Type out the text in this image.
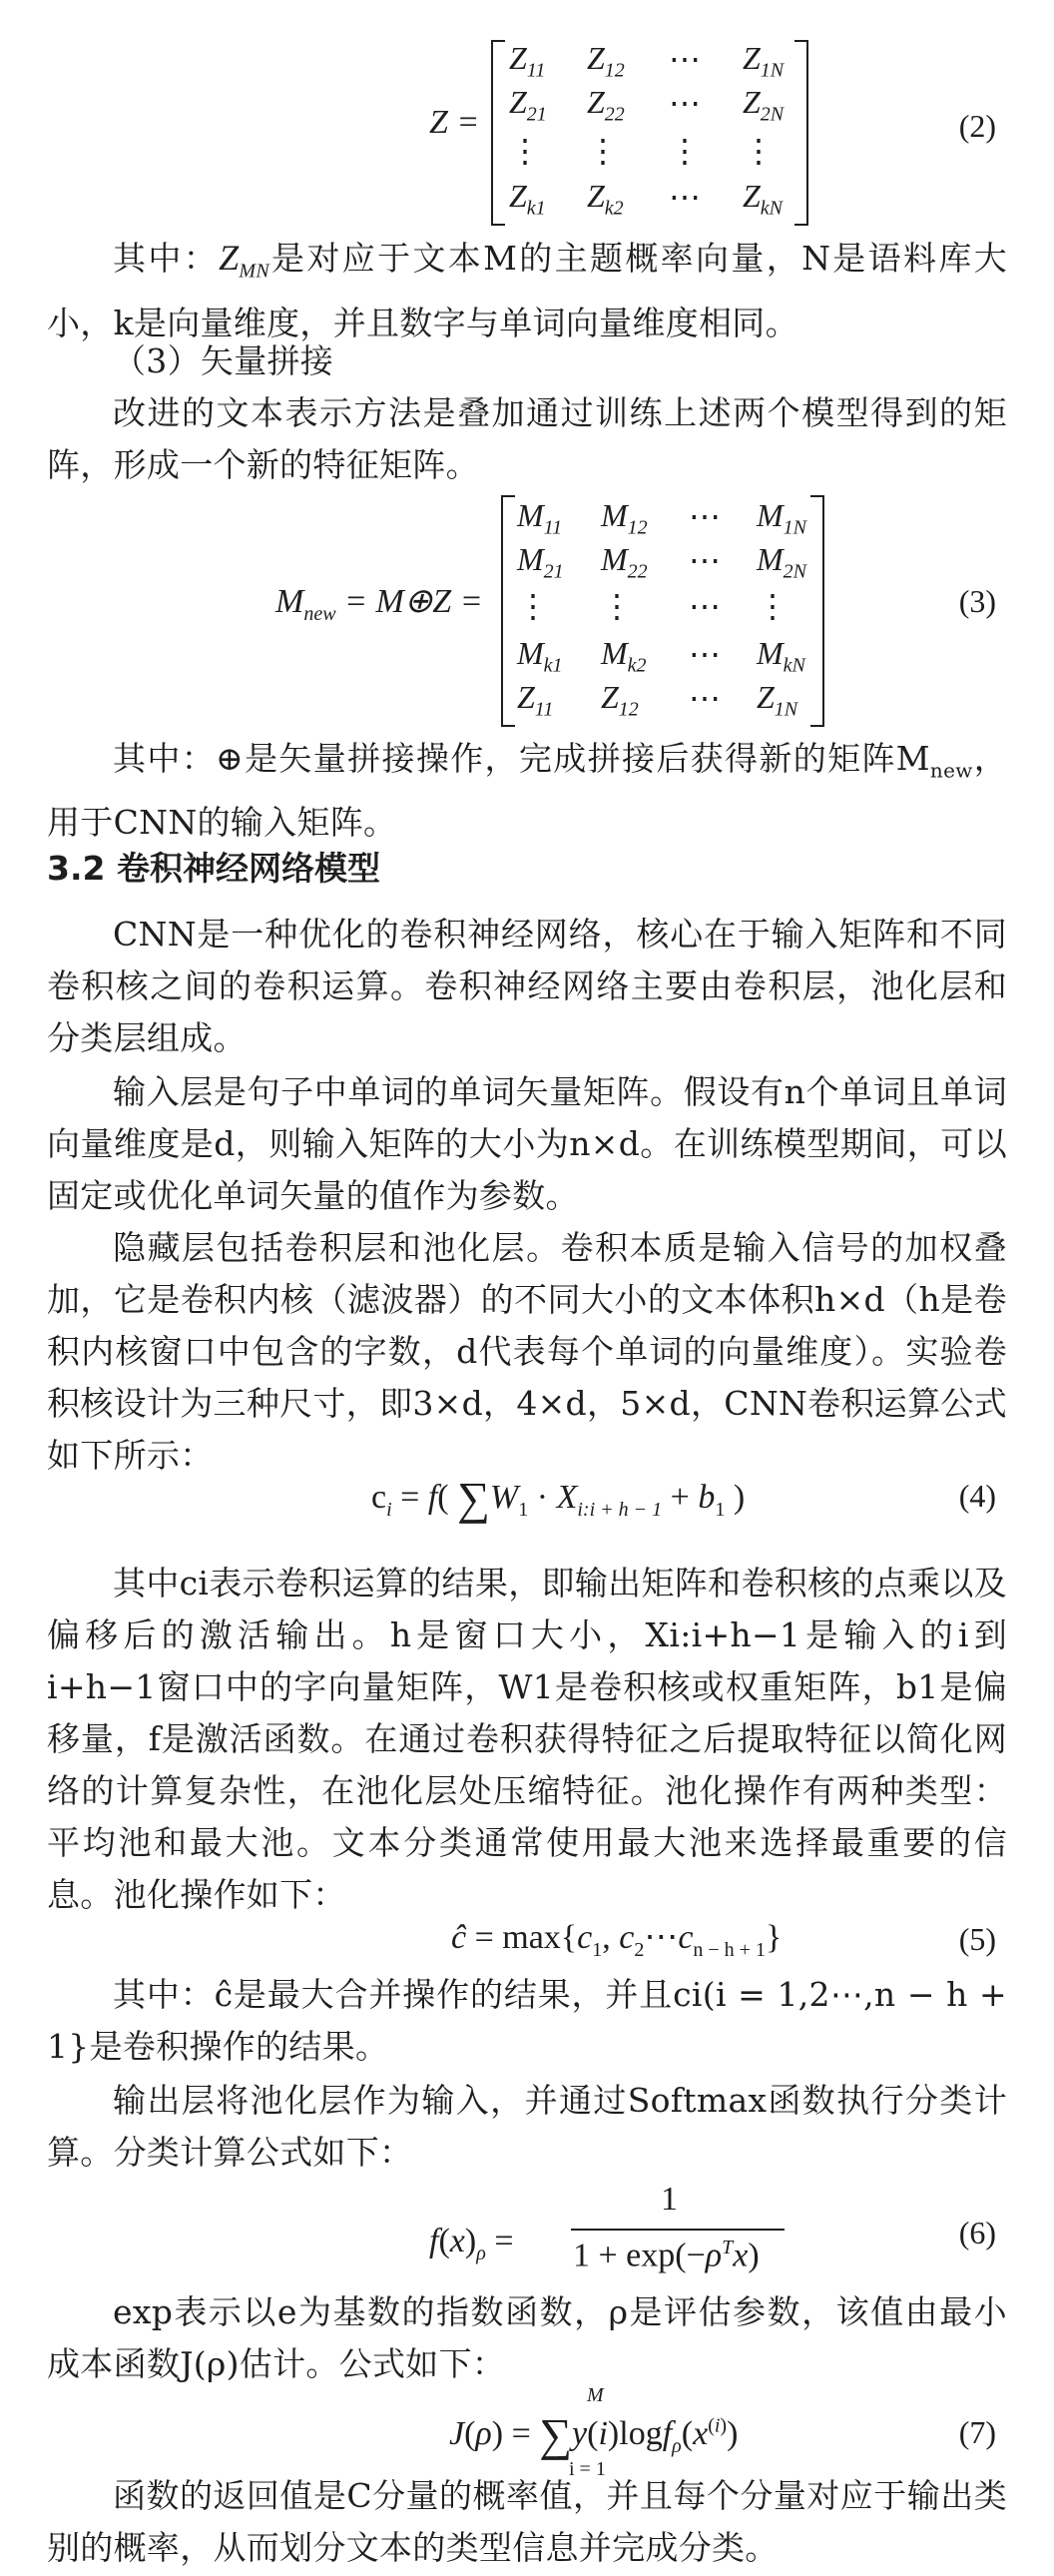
Z =
$Z_{11}$ $Z_{12}$ ⋯ $Z_{1N}$
$Z_{21}$ $Z_{22}$ ⋯ $Z_{2N}$
⋮ ⋮ ⋮ ⋮
$Z_{k1}$ $Z_{k2}$ ⋯ $Z_{kN}$
(2)

其中：$Z_{MN}$是对应于文本M的主题概率向量，N是语料库大小，k是向量维度，并且数字与单词向量维度相同。

（3）矢量拼接

改进的文本表示方法是叠加通过训练上述两个模型得到的矩阵，形成一个新的特征矩阵。

$M_{new}$ = M⊕Z =
$M_{11}$ $M_{12}$ ⋯ $M_{1N}$
$M_{21}$ $M_{22}$ ⋯ $M_{2N}$
⋮ ⋮ ⋯ ⋮
$M_{k1}$ $M_{k2}$ ⋯ $M_{kN}$
$Z_{11}$ $Z_{12}$ ⋯ $Z_{1N}$
(3)

其中：⊕是矢量拼接操作，完成拼接后获得新的矩阵$M_{new}$，用于CNN的输入矩阵。

3.2 卷积神经网络模型

CNN是一种优化的卷积神经网络，核心在于输入矩阵和不同卷积核之间的卷积运算。卷积神经网络主要由卷积层，池化层和分类层组成。

输入层是句子中单词的单词矢量矩阵。假设有n个单词且单词向量维度是d，则输入矩阵的大小为n×d。在训练模型期间，可以固定或优化单词矢量的值作为参数。

隐藏层包括卷积层和池化层。卷积本质是输入信号的加权叠加，它是卷积内核（滤波器）的不同大小的文本体积h×d（h是卷积内核窗口中包含的字数，d代表每个单词的向量维度）。实验卷积核设计为三种尺寸，即3×d，4×d，5×d，CNN卷积运算公式如下所示：

$c_i = f$( $\sum W_1 \cdot X_{i:i + h - 1} + b_1$ )	(4)

其中ci表示卷积运算的结果，即输出矩阵和卷积核的点乘以及偏移后的激活输出。h是窗口大小，Xi:i+h−1是输入的i到i+h−1窗口中的字向量矩阵，W1是卷积核或权重矩阵，b1是偏移量，f是激活函数。在通过卷积获得特征之后提取特征以简化网络的计算复杂性，在池化层处压缩特征。池化操作有两种类型：平均池和最大池。文本分类通常使用最大池来选择最重要的信息。池化操作如下：

ĉ = $\max\{c_1$, $c_2\cdots c_{n - h + 1}$}	(5)

其中：ĉ是最大合并操作的结果，并且ci(i = 1,2⋯,n − h + 1}是卷积操作的结果。

输出层将池化层作为输入，并通过Softmax函数执行分类计算。分类计算公式如下：

$f(x)_\rho$ =
1
$1 + \exp(-\rho^Tx)$
(6)

exp表示以e为基数的指数函数，ρ是评估参数，该值由最小成本函数J(ρ)估计。公式如下：

$J(\rho) = \sum y(i)\log f_\rho(x^{(i)})$
M
i = 1
(7)

函数的返回值是C分量的概率值，并且每个分量对应于输出类别的概率，从而划分文本的类型信息并完成分类。
